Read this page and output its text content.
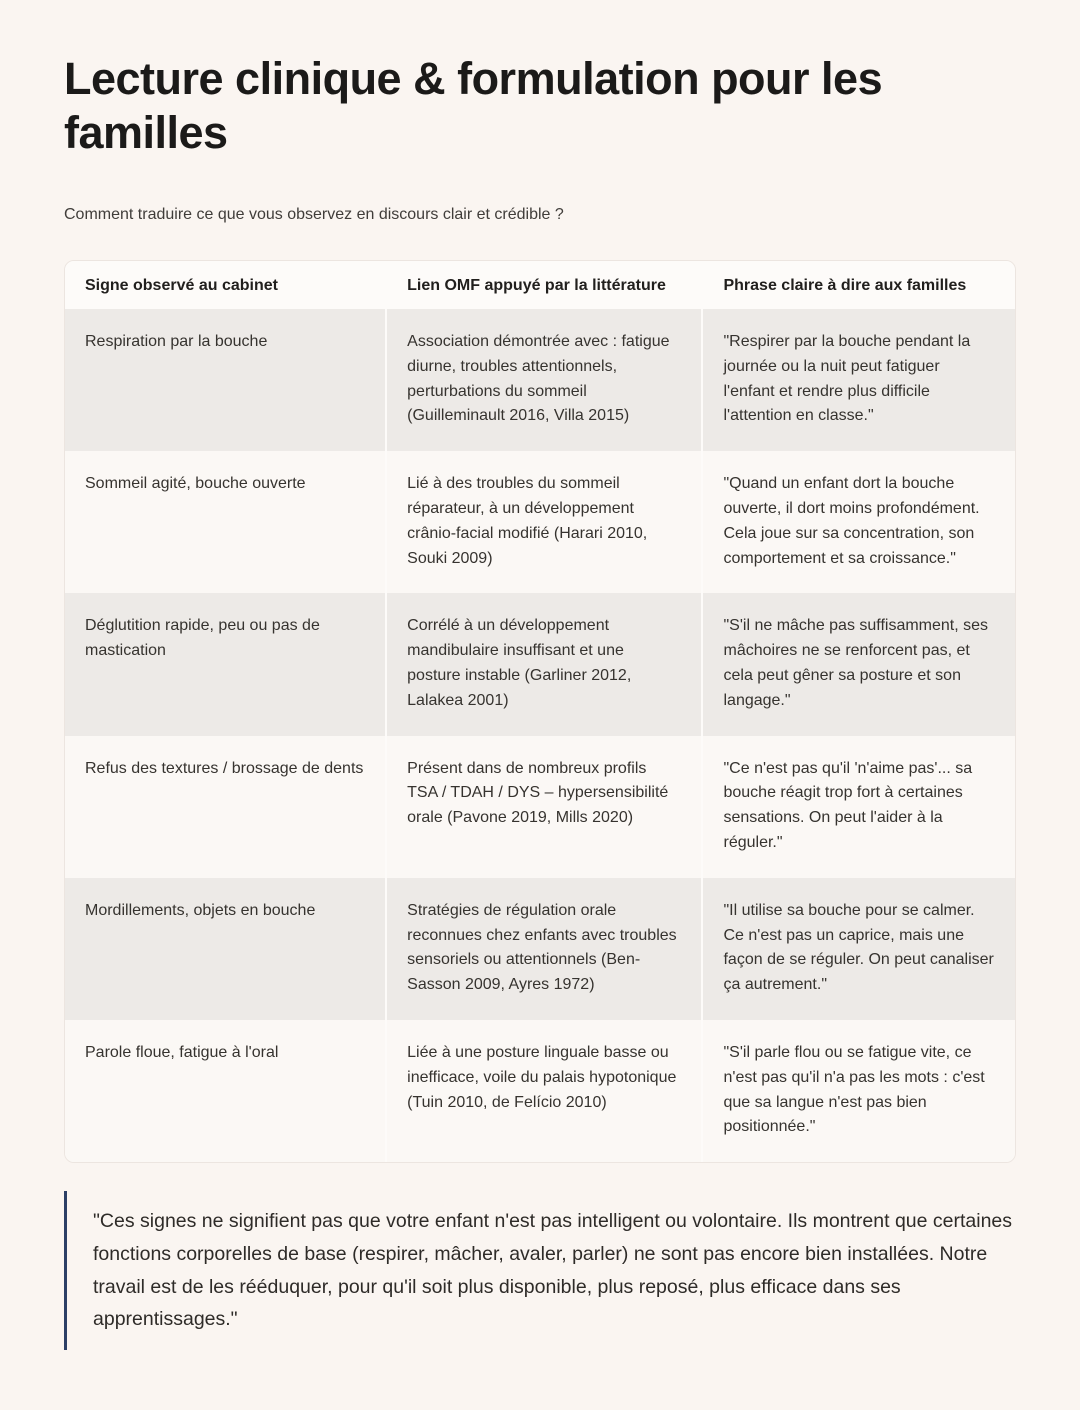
Lecture clinique & formulation pour les familles

Comment traduire ce que vous observez en discours clair et crédible ?

Signe observé au cabinet	Lien OMF appuyé par la littérature	Phrase claire à dire aux familles
Respiration par la bouche	Association démontrée avec : fatigue diurne, troubles attentionnels, perturbations du sommeil (Guilleminault 2016, Villa 2015)	"Respirer par la bouche pendant la journée ou la nuit peut fatiguer l'enfant et rendre plus difficile l'attention en classe."
Sommeil agité, bouche ouverte	Lié à des troubles du sommeil réparateur, à un développement crânio-facial modifié (Harari 2010, Souki 2009)	"Quand un enfant dort la bouche ouverte, il dort moins profondément. Cela joue sur sa concentration, son comportement et sa croissance."
Déglutition rapide, peu ou pas de mastication	Corrélé à un développement mandibulaire insuffisant et une posture instable (Garliner 2012, Lalakea 2001)	"S'il ne mâche pas suffisamment, ses mâchoires ne se renforcent pas, et cela peut gêner sa posture et son langage."
Refus des textures / brossage de dents	Présent dans de nombreux profils TSA / TDAH / DYS – hypersensibilité orale (Pavone 2019, Mills 2020)	"Ce n'est pas qu'il 'n'aime pas'... sa bouche réagit trop fort à certaines sensations. On peut l'aider à la réguler."
Mordillements, objets en bouche	Stratégies de régulation orale reconnues chez enfants avec troubles sensoriels ou attentionnels (Ben-Sasson 2009, Ayres 1972)	"Il utilise sa bouche pour se calmer. Ce n'est pas un caprice, mais une façon de se réguler. On peut canaliser ça autrement."
Parole floue, fatigue à l'oral	Liée à une posture linguale basse ou inefficace, voile du palais hypotonique (Tuin 2010, de Felício 2010)	"S'il parle flou ou se fatigue vite, ce n'est pas qu'il n'a pas les mots : c'est que sa langue n'est pas bien positionnée."
"Ces signes ne signifient pas que votre enfant n'est pas intelligent ou volontaire. Ils montrent que certaines fonctions corporelles de base (respirer, mâcher, avaler, parler) ne sont pas encore bien installées. Notre travail est de les rééduquer, pour qu'il soit plus disponible, plus reposé, plus efficace dans ses apprentissages."
